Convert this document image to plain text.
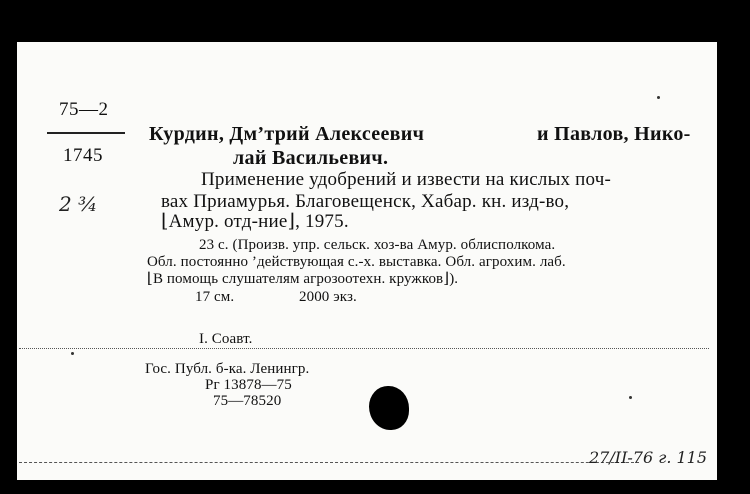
75—2
1745
2 ¾
Курдин, Дм’трий Алексеевич	и Павлов, Нико-
лай Васильевич.
Применение удобрений и извести на кислых поч-
вах Приамурья. Благовещенск, Хабар. кн. изд-во,
⌊Амур. отд-ние⌋, 1975.
23 с. (Произв. упр. сельск. хоз-ва Амур. облисполкома.
Обл. постоянно ’действующая с.-х. выставка. Обл. агрохим. лаб.
⌊В помощь слушателям агрозоотехн. кружков⌋).
17 см.	2000 экз.
I. Соавт.
Гос. Публ. б-ка. Ленингр.
Рг 13878—75
75—78520
27/II-76 г. 115
